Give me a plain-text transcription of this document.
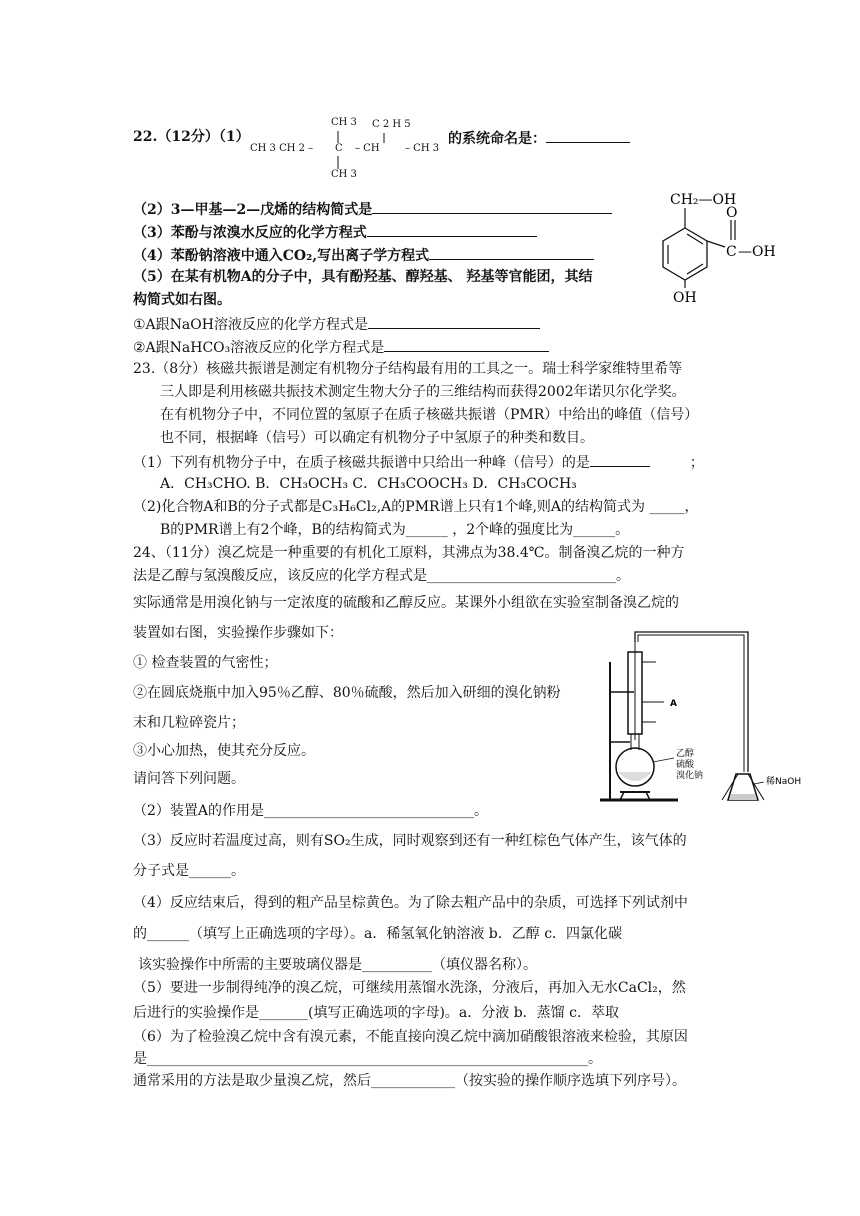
22.（12分）（1）
CH 3 C 2 H 5
CH 3 CH 2 – C – CH	– CH 3
CH 3
的系统命名是：
（2）3—甲基—2—戊烯的结构简式是
（3）苯酚与浓溴水反应的化学方程式
（4）苯酚钠溶液中通入CO₂,写出离子学方程式
（5）在某有机物A的分子中，具有酚羟基、醇羟基、 羟基等官能团，其结
构简式如右图。
①A跟NaOH溶液反应的化学方程式是
②A跟NaHCO₃溶液反应的化学方程式是
CH₂—OH
C
O
—OH
OH
23.（8分）核磁共振谱是测定有机物分子结构最有用的工具之一。瑞士科学家维特里希等
三人即是利用核磁共振技术测定生物大分子的三维结构而获得2002年诺贝尔化学奖。
在有机物分子中，不同位置的氢原子在质子核磁共振谱（PMR）中给出的峰值（信号）
也不同，根据峰（信号）可以确定有机物分子中氢原子的种类和数目。
（1）下列有机物分子中，在质子核磁共振谱中只给出一种峰（信号）的是	；
A．CH₃CHO. B．CH₃OCH₃ C．CH₃COOCH₃ D．CH₃COCH₃
（2)化合物A和B的分子式都是C₃H₆Cl₂,A的PMR谱上只有1个峰,则A的结构简式为 _____，
B的PMR谱上有2个峰，B的结构简式为______ ，2个峰的强度比为______。
24、（11分）溴乙烷是一种重要的有机化工原料，其沸点为38.4℃。制备溴乙烷的一种方
法是乙醇与氢溴酸反应，该反应的化学方程式是___________________________。
实际通常是用溴化钠与一定浓度的硫酸和乙醇反应。某课外小组欲在实验室制备溴乙烷的
装置如右图，实验操作步骤如下：
① 检查装置的气密性；
②在圆底烧瓶中加入95％乙醇、80％硫酸，然后加入研细的溴化钠粉
末和几粒碎瓷片；
③小心加热，使其充分反应。
请问答下列问题。
（2）装置A的作用是______________________________。
（3）反应时若温度过高，则有SO₂生成，同时观察到还有一种红棕色气体产生，该气体的
分子式是______。
（4）反应结束后，得到的粗产品呈棕黄色。为了除去粗产品中的杂质，可选择下列试剂中
的______（填写上正确选项的字母）。a．稀氢氧化钠溶液 b．乙醇 c．四氯化碳
该实验操作中所需的主要玻璃仪器是__________（填仪器名称）。
（5）要进一步制得纯净的溴乙烷，可继续用蒸馏水洗涤，分液后，再加入无水CaCl₂，然
后进行的实验操作是_______(填写正确选项的字母)。a．分液 b．蒸馏 c．萃取
（6）为了检验溴乙烷中含有溴元素，不能直接向溴乙烷中滴加硝酸银溶液来检验，其原因
是_______________________________________________________________。
通常采用的方法是取少量溴乙烷，然后____________（按实验的操作顺序选填下列序号）。
A
乙醇
硫酸
溴化钠
稀NaOH
